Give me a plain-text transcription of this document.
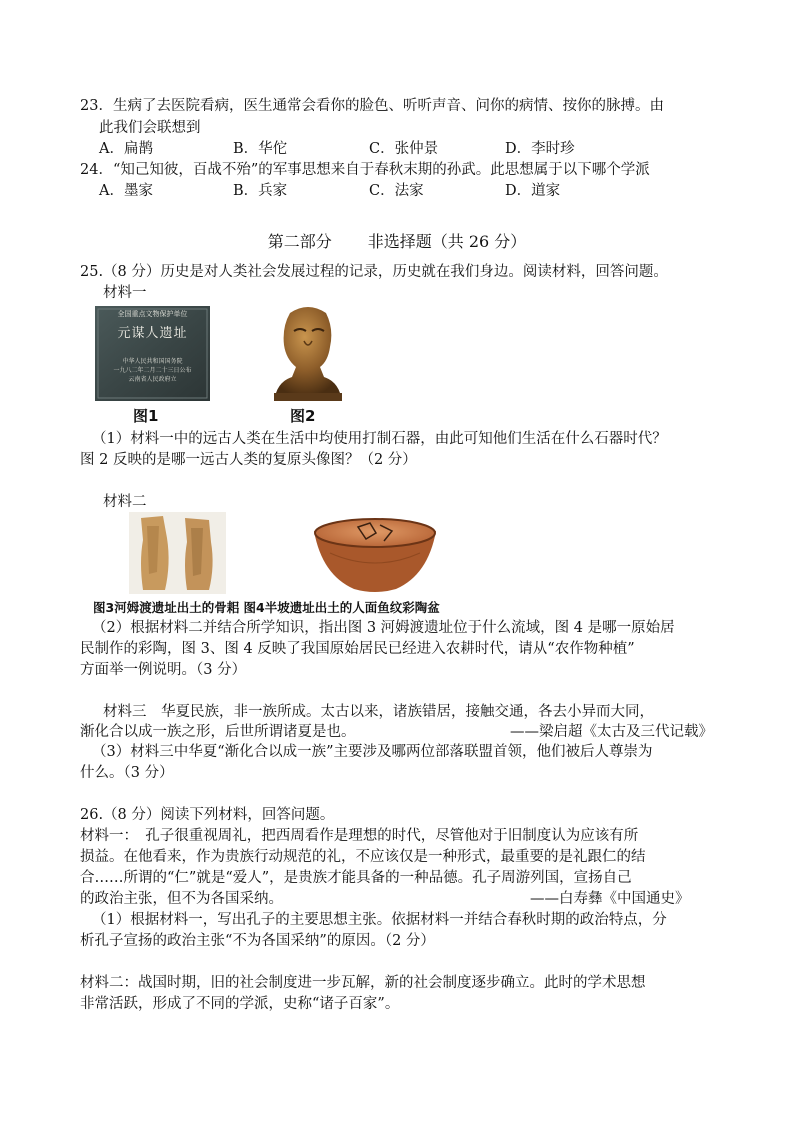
23．生病了去医院看病，医生通常会看你的脸色、听听声音、问你的病情、按你的脉搏。由
此我们会联想到
A．扁鹊	B．华佗	C．张仲景	D．李时珍
24．“知己知彼，百战不殆”的军事思想来自于春秋末期的孙武。此思想属于以下哪个学派
A．墨家	B．兵家	C．法家	D．道家
第二部分 非选择题（共 26 分）
25.（8 分）历史是对人类社会发展过程的记录，历史就在我们身边。阅读材料，回答问题。
材料一
全国重点文物保护单位
元谋人遗址
中华人民共和国国务院
一九八二年二月二十三日公布
云南省人民政府立
图1	图2
（1）材料一中的远古人类在生活中均使用打制石器，由此可知他们生活在什么石器时代？
图 2 反映的是哪一远古人类的复原头像图？（2 分）
材料二
图3河姆渡遗址出土的骨耜 图4半坡遗址出土的人面鱼纹彩陶盆
（2）根据材料二并结合所学知识，指出图 3 河姆渡遗址位于什么流域，图 4 是哪一原始居
民制作的彩陶，图 3、图 4 反映了我国原始居民已经进入农耕时代，请从“农作物种植”
方面举一例说明。（3 分）
材料三　华夏民族，非一族所成。太古以来，诸族错居，接触交通，各去小异而大同，
渐化合以成一族之形，后世所谓诸夏是也。	——梁启超《太古及三代记载》
（3）材料三中华夏“渐化合以成一族”主要涉及哪两位部落联盟首领，他们被后人尊崇为
什么。（3 分）
26.（8 分）阅读下列材料，回答问题。
材料一：　孔子很重视周礼，把西周看作是理想的时代，尽管他对于旧制度认为应该有所
损益。在他看来，作为贵族行动规范的礼，不应该仅是一种形式，最重要的是礼跟仁的结
合……所谓的“仁”就是“爱人”，是贵族才能具备的一种品德。孔子周游列国，宣扬自己
的政治主张，但不为各国采纳。	——白寿彝《中国通史》
（1）根据材料一，写出孔子的主要思想主张。依据材料一并结合春秋时期的政治特点，分
析孔子宣扬的政治主张“不为各国采纳”的原因。（2 分）
材料二：战国时期，旧的社会制度进一步瓦解，新的社会制度逐步确立。此时的学术思想
非常活跃，形成了不同的学派，史称“诸子百家”。
